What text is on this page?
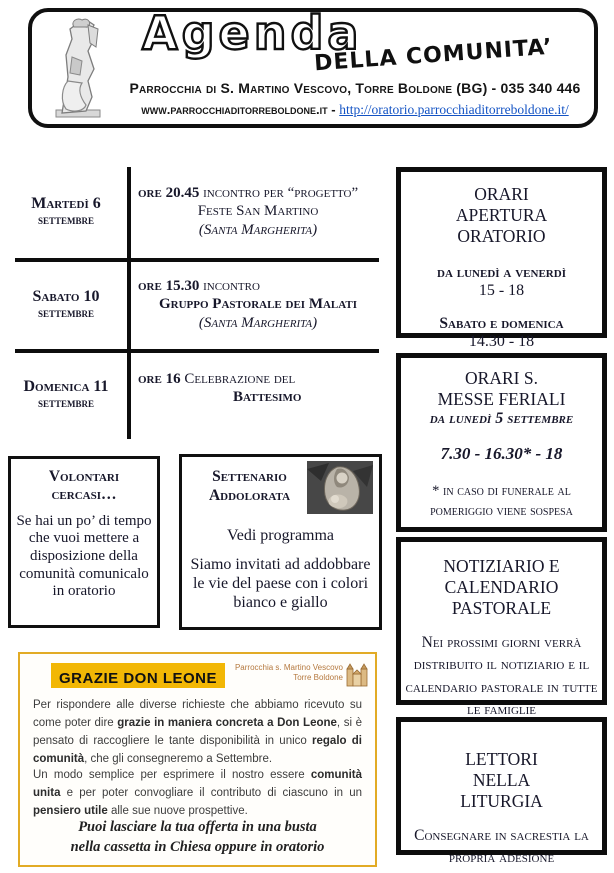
Agenda
DELLA COMUNITA’
Parrocchia di S. Martino Vescovo, Torre Boldone (BG) - 035 340 446
www.parrocchiaditorreboldone.it - http://oratorio.parrocchiaditorreboldone.it/
Martedì 6
settembre
ore 20.45 incontro per “progetto”
Feste San Martino
(Santa Margherita)
Sabato 10
settembre
ore 15.30 incontro
Gruppo Pastorale dei Malati
(Santa Margherita)
Domenica 11
settembre
ore 16 Celebrazione del
Battesimo
Volontari
cercasi…
Se hai un po’ di tempo che vuoi mettere a disposizione della comunità comunicalo in oratorio
Settenario
Addolorata
Vedi programma
Siamo invitati ad addobbare le vie del paese con i colori bianco e giallo
GRAZIE DON LEONE
Parrocchia s. Martino Vescovo
Torre Boldone
Per rispondere alle diverse richieste che abbiamo ricevuto su come poter dire grazie in maniera concreta a Don Leone, si è pensato di raccogliere le tante disponibilità in unico regalo di comunità, che gli consegneremo a Settembre.
Un modo semplice per esprimere il nostro essere comunità unita e per poter convogliare il contributo di ciascuno in un pensiero utile alle sue nuove prospettive.
Puoi lasciare la tua offerta in una busta
nella cassetta in Chiesa oppure in oratorio
ORARI APERTURA ORATORIO
da lunedì a venerdì
15 - 18
Sabato e domenica
14.30 - 18
ORARI S. MESSE FERIALI
da lunedì 5 settembre
7.30 - 16.30* - 18
* in caso di funerale al pomeriggio viene sospesa
NOTIZIARIO E CALENDARIO PASTORALE
Nei prossimi giorni verrà distribuito il notiziario e il calendario pastorale in tutte le famiglie
LETTORI NELLA LITURGIA
Consegnare in sacrestia la propria adesione
